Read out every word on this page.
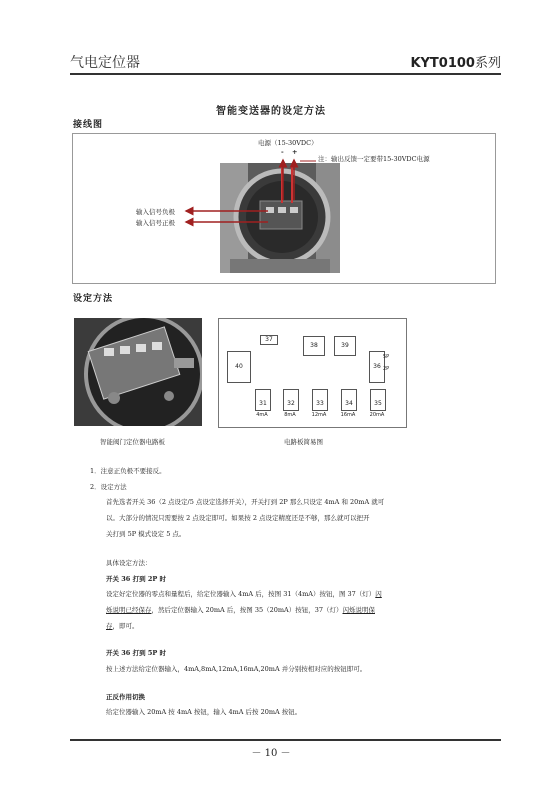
气电定位器	KYT0100系列
智能变送器的设定方法
接线图
电源（15-30VDC）
- +
注：输出反馈一定要带15-30VDC电源
输入信号负极
输入信号正极
设定方法
37
38	39
40	36
5P
2P
31
4mA
32
8mA
33
12mA
34
16mA
35
20mA
智能阀门定位器电路板	电路板简易图
1．注意正负极不要接反。
2．设定方法
首先选者开关 36（2 点设定/5 点设定选择开关），开关打到 2P 那么只设定 4mA 和 20mA 就可
以。大部分的情况只需要按 2 点设定即可。如果按 2 点设定精度还是不够，那么就可以把开
关打到 5P 模式设定 5 点。
具体设定方法：
开关 36 打到 2P 时
设定好定位器的零点和量程后，给定位器输入 4mA 后，按图 31（4mA）按钮，图 37（灯）闪
烁说明已经保存，然后定位器输入 20mA 后，按图 35（20mA）按钮，37（灯）闪烁说明保
存，即可。
开关 36 打到 5P 时
按上述方法给定位器输入，4mA,8mA,12mA,16mA,20mA 并分别按相对应的按钮即可。
正反作用切换
给定位器输入 20mA 按 4mA 按钮，输入 4mA 后按 20mA 按钮。
－ 10 －
